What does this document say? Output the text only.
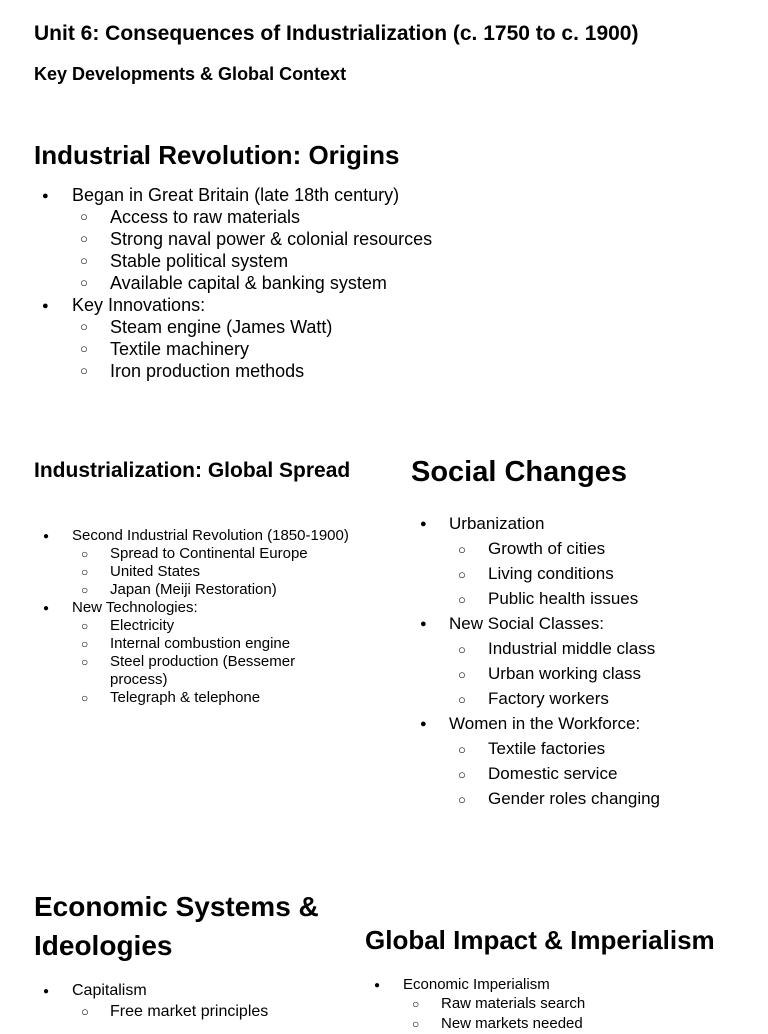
Unit 6: Consequences of Industrialization (c. 1750 to c. 1900)
Key Developments & Global Context
Industrial Revolution: Origins
● Began in Great Britain (late 18th century)
○ Access to raw materials
○ Strong naval power & colonial resources
○ Stable political system
○ Available capital & banking system
● Key Innovations:
○ Steam engine (James Watt)
○ Textile machinery
○ Iron production methods
Industrialization: Global Spread
● Second Industrial Revolution (1850-1900)
○ Spread to Continental Europe
○ United States
○ Japan (Meiji Restoration)
● New Technologies:
○ Electricity
○ Internal combustion engine
○ Steel production (Bessemer process)
○ Telegraph & telephone
Social Changes
● Urbanization
○ Growth of cities
○ Living conditions
○ Public health issues
● New Social Classes:
○ Industrial middle class
○ Urban working class
○ Factory workers
● Women in the Workforce:
○ Textile factories
○ Domestic service
○ Gender roles changing
Economic Systems & Ideologies
● Capitalism
○ Free market principles
Global Impact & Imperialism
● Economic Imperialism
○ Raw materials search
○ New markets needed
